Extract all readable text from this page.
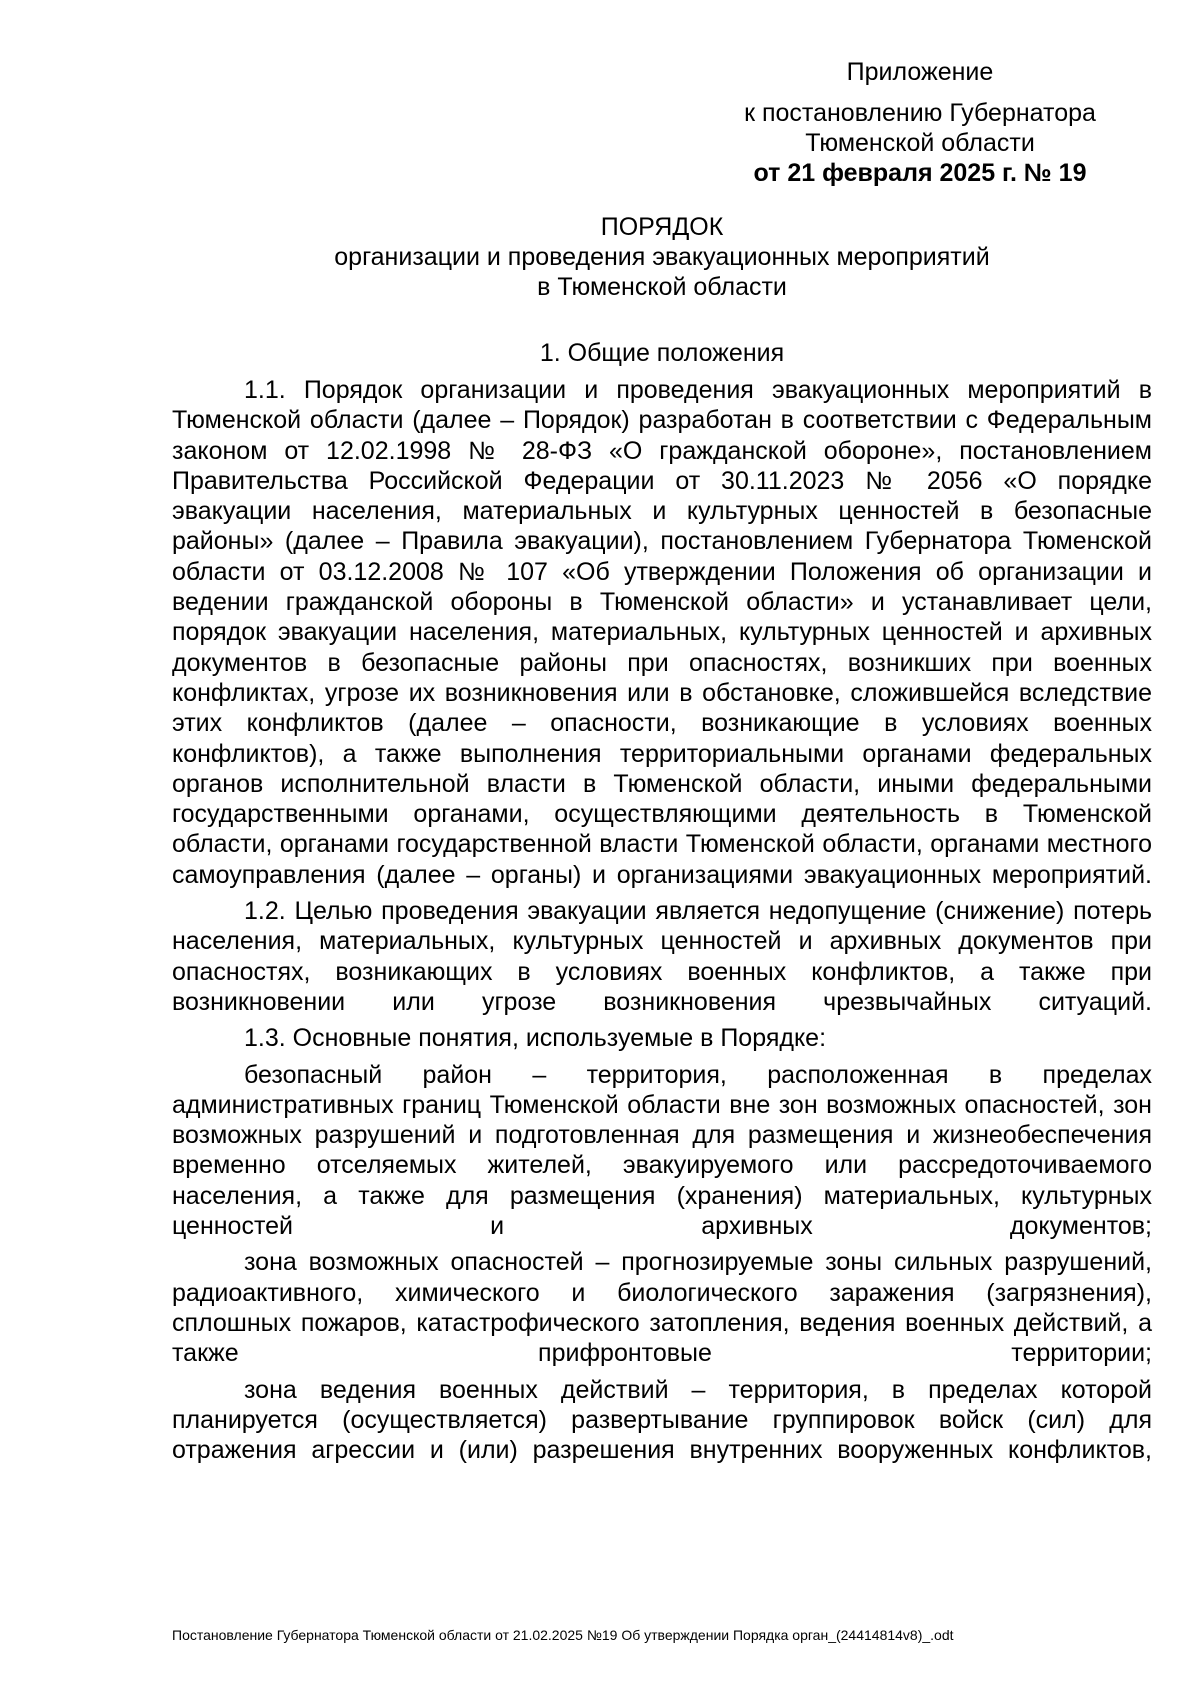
Приложение
к постановлению Губернатора
Тюменской области
от 21 февраля 2025 г. № 19
ПОРЯДОК
организации и проведения эвакуационных мероприятий
в Тюменской области
1. Общие положения

1.1. Порядок организации и проведения эвакуационных мероприятий в Тюменской области (далее – Порядок) разработан в соответствии с Федеральным законом от 12.02.1998 № 28-ФЗ «О гражданской обороне», постановлением Правительства Российской Федерации от 30.11.2023 № 2056 «О порядке эвакуации населения, материальных и культурных ценностей в безопасные районы» (далее – Правила эвакуации), постановлением Губернатора Тюменской области от 03.12.2008 № 107 «Об утверждении Положения об организации и ведении гражданской обороны в Тюменской области» и устанавливает цели, порядок эвакуации населения, материальных, культурных ценностей и архивных документов в безопасные районы при опасностях, возникших при военных конфликтах, угрозе их возникновения или в обстановке, сложившейся вследствие этих конфликтов (далее – опасности, возникающие в условиях военных конфликтов), а также выполнения территориальными органами федеральных органов исполнительной власти в Тюменской области, иными федеральными государственными органами, осуществляющими деятельность в Тюменской области, органами государственной власти Тюменской области, органами местного самоуправления (далее – органы) и организациями эвакуационных мероприятий.

1.2. Целью проведения эвакуации является недопущение (снижение) потерь населения, материальных, культурных ценностей и архивных документов при опасностях, возникающих в условиях военных конфликтов, а также при возникновении или угрозе возникновения чрезвычайных ситуаций.

1.3. Основные понятия, используемые в Порядке:

безопасный район – территория, расположенная в пределах административных границ Тюменской области вне зон возможных опасностей, зон возможных разрушений и подготовленная для размещения и жизнеобеспечения временно отселяемых жителей, эвакуируемого или рассредоточиваемого населения, а также для размещения (хранения) материальных, культурных ценностей и архивных документов;

зона возможных опасностей – прогнозируемые зоны сильных разрушений, радиоактивного, химического и биологического заражения (загрязнения), сплошных пожаров, катастрофического затопления, ведения военных действий, а также прифронтовые территории;

зона ведения военных действий – территория, в пределах которой планируется (осуществляется) развертывание группировок войск (сил) для отражения агрессии и (или) разрешения внутренних вооруженных конфликтов,

Постановление Губернатора Тюменской области от 21.02.2025 №19 Об утверждении Порядка орган_(24414814v8)_.odt
